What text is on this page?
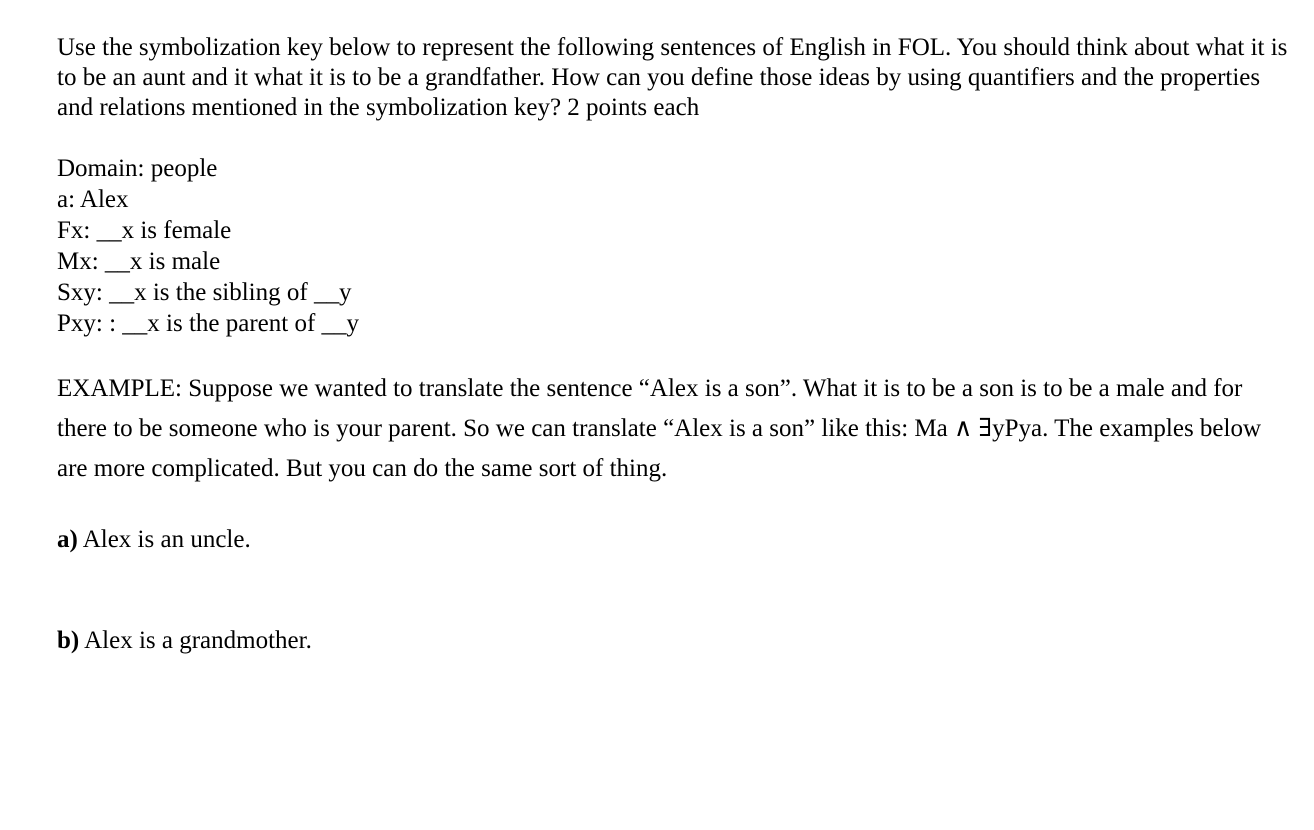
Use the symbolization key below to represent the following sentences of English in FOL. You should think about what it is to be an aunt and it what it is to be a grandfather. How can you define those ideas by using quantifiers and the properties and relations mentioned in the symbolization key? 2 points each

Domain: people
a: Alex
Fx: __x is female
Mx: __x is male
Sxy: __x is the sibling of __y
Pxy: : __x is the parent of __y

EXAMPLE: Suppose we wanted to translate the sentence “Alex is a son”. What it is to be a son is to be a male and for there to be someone who is your parent. So we can translate “Alex is a son” like this: Ma ∧ ∃yPya. The examples below are more complicated. But you can do the same sort of thing.

a) Alex is an uncle.

b) Alex is a grandmother.
